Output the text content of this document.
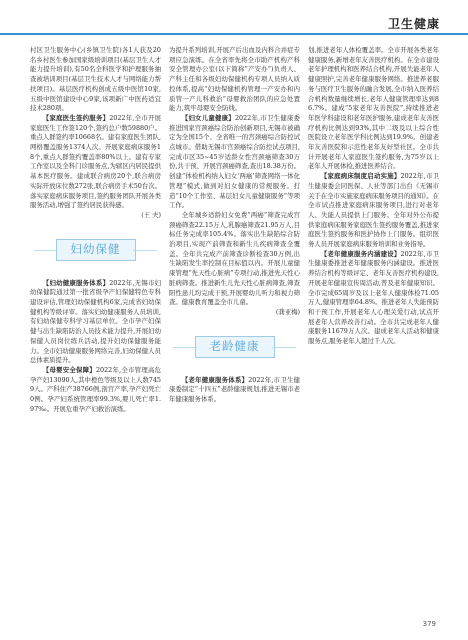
卫生健康

村区卫生服务中心(乡镇卫生院)各1人获及20名乡村医生参加国家级培训项目(基层卫生人才能力提升培训),有50名全科医学和护理服务抽查被培训项目(基层卫生技术人才与网络能力帮扶项目)。基层医疗机构创成五级中医馆10家,五级中医馆建设中心9家,该项新广中医药适宜技术280项。

【家庭医生签约服务】2022年,全市开展家庭医生工作签120个,签约总户数59880户。重点人群签约率10668名。建有家庭医生团队,网格覆盖服务1374人次。开展家庭病床服务18个,重点人群签约覆盖率80%以上。建有专家工作室以及全科门诊服务点,为辖区内居民提供基本医疗服务。建成联合病房20个,联合病房实际开放床位数272张,联合病房手术50台次。落实家庭病床服务项目,签约服务团队开展各类服务活动,增强了签约居民获得感。

(王 夫)

妇幼保健

【妇幼健康服务体系】2022年,无锡市妇幼保健院通过第一批省级孕产妇保健特色专科建设评估,管理妇幼保健机构6家,完成省妇幼保健机构等级评审。落实妇幼健康服务人员培训,有妇幼保健专科学习基层单位。全市孕产妇保健与出生缺陷防治人员技术能力提升,开展妇幼保健人员岗位练兵活动,提升妇幼保健服务能力。全市妇幼健康服务网络完善,妇幼保健人员总体素质提升。

【母婴安全保障】2022年,全市管理高危孕产妇13090人,其中橙色等级及以上人数7459人。产科住产38766例,剖宫产率,孕产妇死亡0例。孕产妇系统管理率99.3%,婴儿死亡率1.97‰。开展危重孕产妇救治演练。

为提升系列培训,开展产后出血及内科合并症专项应急演练。在全省率先将全市助产机构产科安全管理办公室(以下简称“产安办”)负责人、产科主任和各级妇幼保健机构专项人员纳入质控体系,提高“妇幼保健机构管理一产安办和内质管一产儿科救治”母婴救治团队的应急处置能力,筑牢母婴安全防线。

【妇女儿童健康】2022年,市卫生健康委推进国家宫颈癌综合防治创新项目,无锡市被确定为全国15个、全省唯一的宫颈癌综合防控试点城市。借助无锡市宫颈癌综合防控试点项目,完成市区35~45岁适龄女性宫颈癌筛查30万份,共干预、开展宫颈癌筛查,查出18.38万份。创建“体检机构纳入妇女‘两癌’筛查网络一体化管理”模式,做到对妇女健康的常规服务。打造“10个工作室、基层妇女儿童健康服务”等项工作。

全年城乡适龄妇女免费“两癌”筛查完成宫颈癌筛查22.15万人,乳腺癌筛查21.95万人,目标任务完成率105.4%。落实出生缺陷综合防治项目,实现产前筛查和新生儿疾病筛查全覆盖。全年共完成产前筛查诊断检查30万例,出生缺陷发生率控制在目标值以内。开展儿童健康管理“先天性心脏病”专项行动,推进先天性心脏病筛查。推进新生儿先天性心脏病筛查,筛查阳性患儿均完成干预,开展婴幼儿听力和视力筛查。健康教育覆盖全市儿童。

(龚亚梅)

老龄健康

【老年健康服务体系】2022年,市卫生健康委制定“十四五”老龄健康规划,推进无锡市老年健康服务体系。

划,推进老年人体检覆盖率。全市开展各类老年健康服务,新增老年友善医疗机构。在全市建设老年护理机构和医养结合机构,开展失能老年人健康照护,完善老年健康服务网络。推进养老服务与医疗卫生服务的融合发展,全市纳入医养结合机构数量继续增长,老年人健康管理率达到86.7%。建成“5家老年友善医院”,持续推进老年医学科建设和老年医护服务,建成老年友善医疗机构比例达到93%,其中二级及以上综合性医院设立老年医学科比例达到19.9%。创建老年友善医院和示范性老年友好型社区。全市共计开展老年人家庭医生签约服务,为75岁以上老年人开展体检,推进医养结合。

【家庭病床制度启动实施】2022年,市卫生健康委会同医保、人社等部门出台《无锡市关于在全市实施家庭病床服务项目的通知》。在全市试点推进家庭病床服务项目,进行对老年人、失能人员提供上门服务。全年对外公布提供家庭病床服务家庭医生签约服务覆盖,推进家庭医生签约服务和医护协作上门服务。组织医务人员开展家庭病床服务培训和业务指导。

【老年健康服务内涵建设】2022年,市卫生健康委推进老年健康服务内涵建设。推进医养结合机构等级评定、老年友善医疗机构建设,开展老年健康宣传周活动,普及老年健康知识。全市完成65周岁及以上老年人健康体检71.05万人,健康管理率64.8%。推进老年人失能预防和干预工作,开展老年人心理关爱行动,试点开展老年人营养改善行动。全市共完成老年人健康服务11679万人次。建成老年人活动和健康服务点,服务老年人超过千人次。

379
